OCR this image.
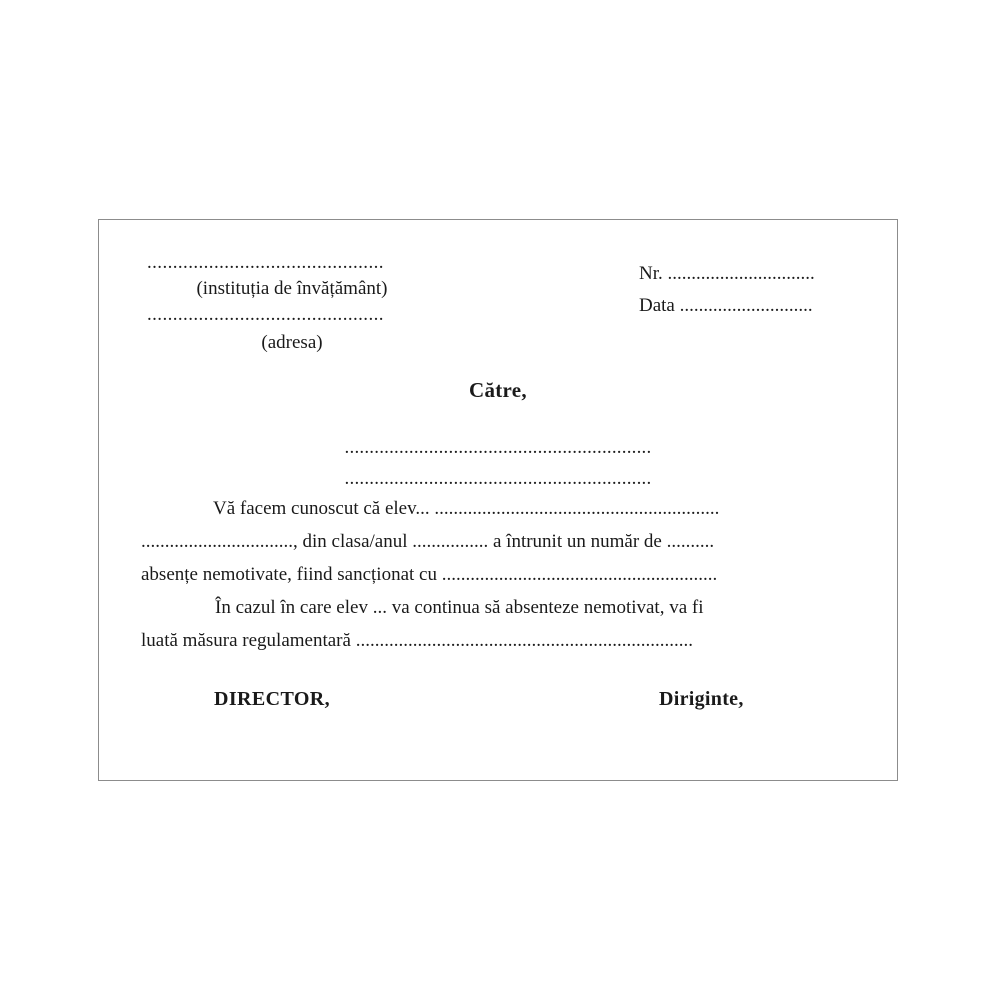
..............................................
(instituția de învățământ)
..............................................
(adresa)
Nr. ...............................
Data ............................
Către,
..............................................................
..............................................................
Vă facem cunoscut că elev... ............................................................
................................, din clasa/anul ................ a întrunit un număr de ..........
absențe nemotivate, fiind sancționat cu ..........................................................
În cazul în care elev ... va continua să absenteze nemotivat, va fi
luată măsura regulamentară .......................................................................
DIRECTOR,	Diriginte,
